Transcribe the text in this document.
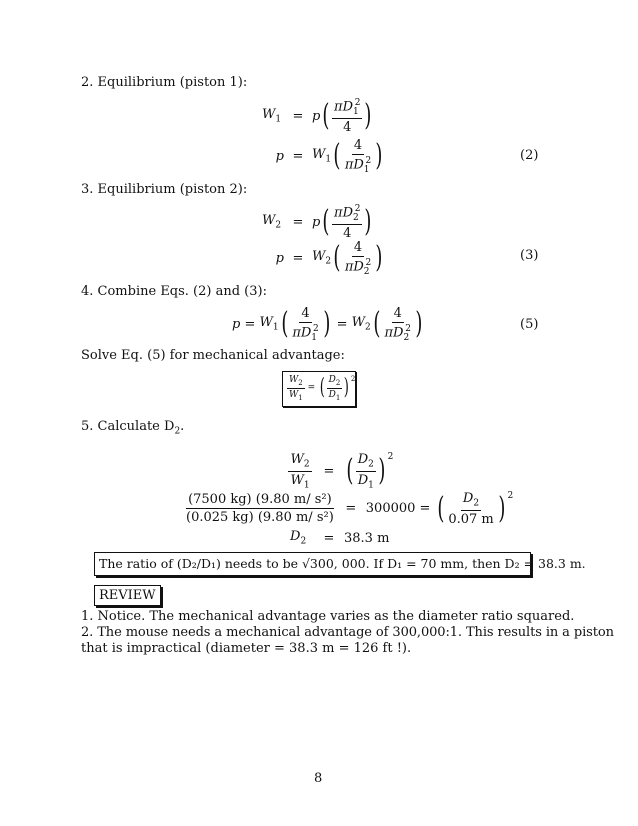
2. Equilibrium (piston 1):
$W_1 = p$ ( $\frac{\pi D_1^2}{4}$ )
$p = W_1$ ( $\frac{4}{\pi D_1^2}$ )	(2)
3. Equilibrium (piston 2):
$W_2 = p$ ( $\frac{\pi D_2^2}{4}$ )
$p = W_2$ ( $\frac{4}{\pi D_2^2}$ )	(3)
4. Combine Eqs. (2) and (3):
$p = W_1$ ( $\frac{4}{\pi D_1^2}$ ) = $W_2$ ( $\frac{4}{\pi D_2^2}$ )	(5)
Solve Eq. (5) for mechanical advantage:
$\frac{W_2}{W_1}$ = ( $\frac{D_2}{D_1} )^2$
5. Calculate $D_2$.
$\frac{W_2}{W_1}$ = ( $\frac{D_2}{D_1}$ ) $^2$
$\frac{\text{(7500 kg) (9.80 m/ s²)}}{\text{(0.025 kg) (9.80 m/ s²)}} = 300000$ = ( $\frac{D_2}{0.07 m}$ ) $^2$
$D_2$	= 38.3 m
The ratio of (D₂/D₁) needs to be √300, 000. If D₁ = 70 mm, then D₂ = 38.3 m.
REVIEW
1. Notice. The mechanical advantage varies as the diameter ratio squared.
2. The mouse needs a mechanical advantage of 300,000:1. This results in a piston
that is impractical (diameter = 38.3 m = 126 ft !).
8
